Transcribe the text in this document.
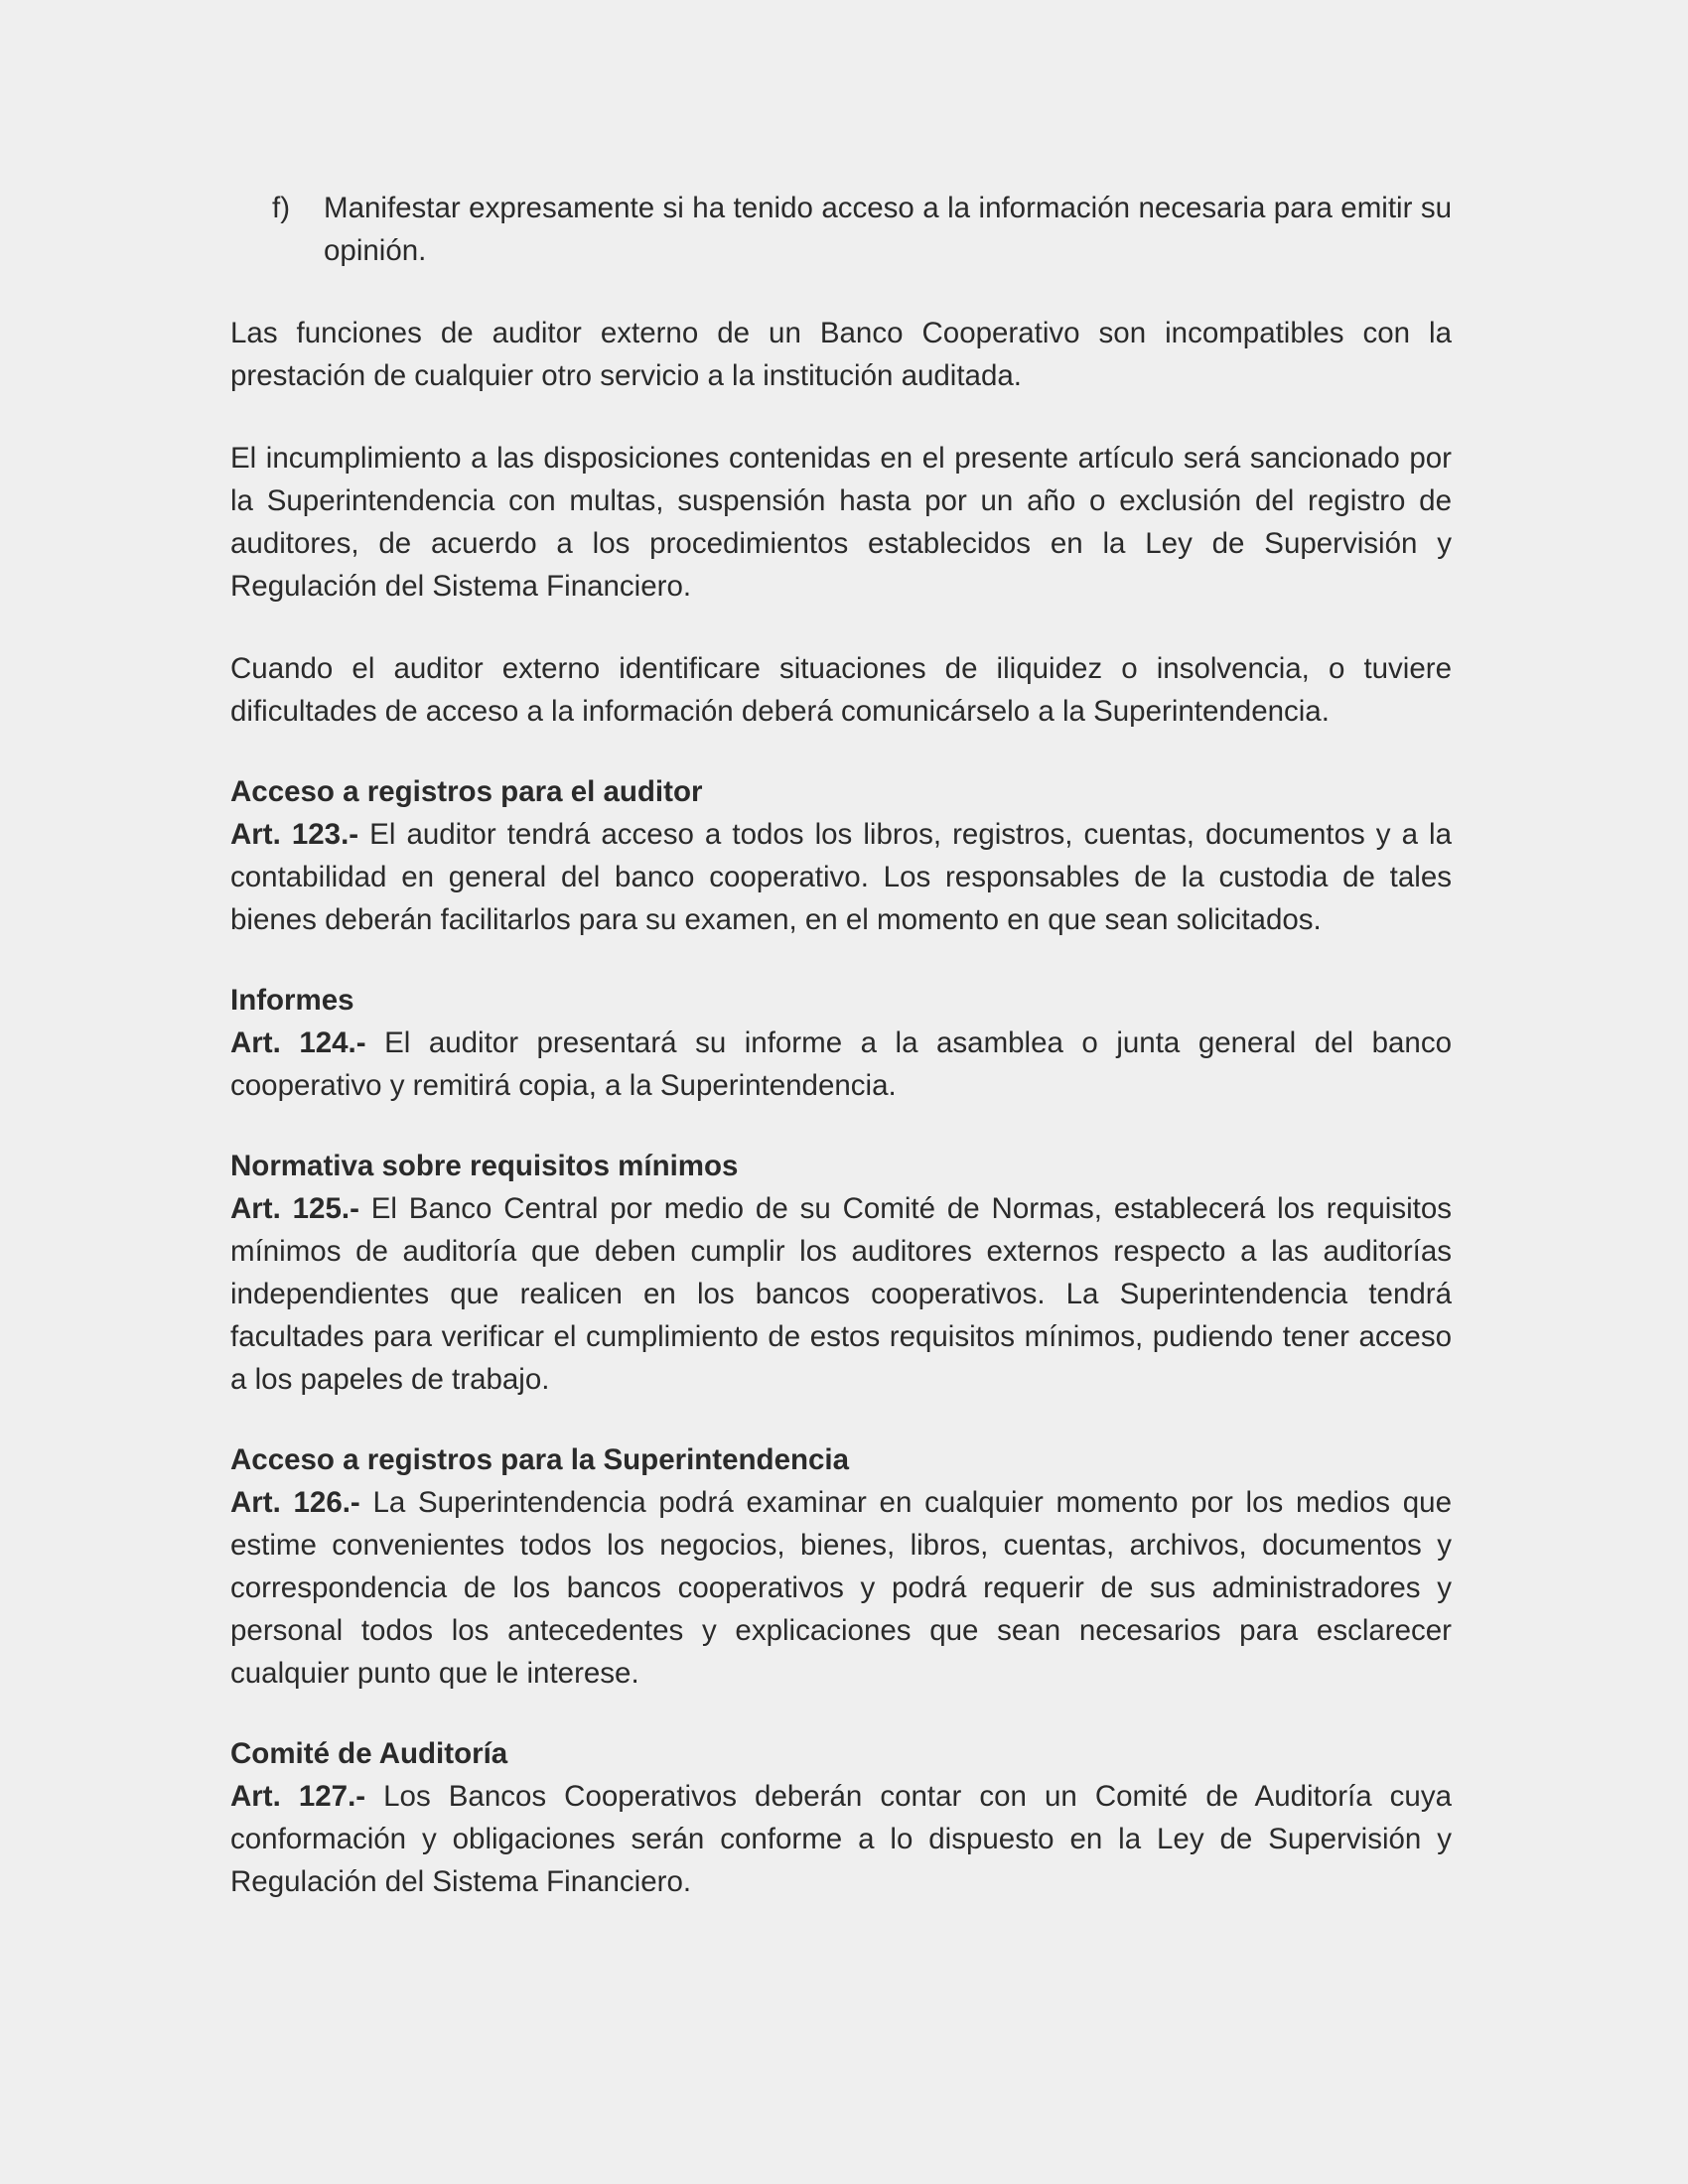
f)	Manifestar expresamente si ha tenido acceso a la información necesaria para emitir su opinión.

Las funciones de auditor externo de un Banco Cooperativo son incompatibles con la prestación de cualquier otro servicio a la institución auditada.

El incumplimiento a las disposiciones contenidas en el presente artículo será sancionado por la Superintendencia con multas, suspensión hasta por un año o exclusión del registro de auditores, de acuerdo a los procedimientos establecidos en la Ley de Supervisión y Regulación del Sistema Financiero.

Cuando el auditor externo identificare situaciones de iliquidez o insolvencia, o tuviere dificultades de acceso a la información deberá comunicárselo a la Superintendencia.

Acceso a registros para el auditor

Art. 123.- El auditor tendrá acceso a todos los libros, registros, cuentas, documentos y a la contabilidad en general del banco cooperativo. Los responsables de la custodia de tales bienes deberán facilitarlos para su examen, en el momento en que sean solicitados.

Informes

Art. 124.- El auditor presentará su informe a la asamblea o junta general del banco cooperativo y remitirá copia, a la Superintendencia.

Normativa sobre requisitos mínimos

Art. 125.- El Banco Central por medio de su Comité de Normas, establecerá los requisitos mínimos de auditoría que deben cumplir los auditores externos respecto a las auditorías independientes que realicen en los bancos cooperativos. La Superintendencia tendrá facultades para verificar el cumplimiento de estos requisitos mínimos, pudiendo tener acceso a los papeles de trabajo.

Acceso a registros para la Superintendencia

Art. 126.- La Superintendencia podrá examinar en cualquier momento por los medios que estime convenientes todos los negocios, bienes, libros, cuentas, archivos, documentos y correspondencia de los bancos cooperativos y podrá requerir de sus administradores y personal todos los antecedentes y explicaciones que sean necesarios para esclarecer cualquier punto que le interese.

Comité de Auditoría

Art. 127.- Los Bancos Cooperativos deberán contar con un Comité de Auditoría cuya conformación y obligaciones serán conforme a lo dispuesto en la Ley de Supervisión y Regulación del Sistema Financiero.
